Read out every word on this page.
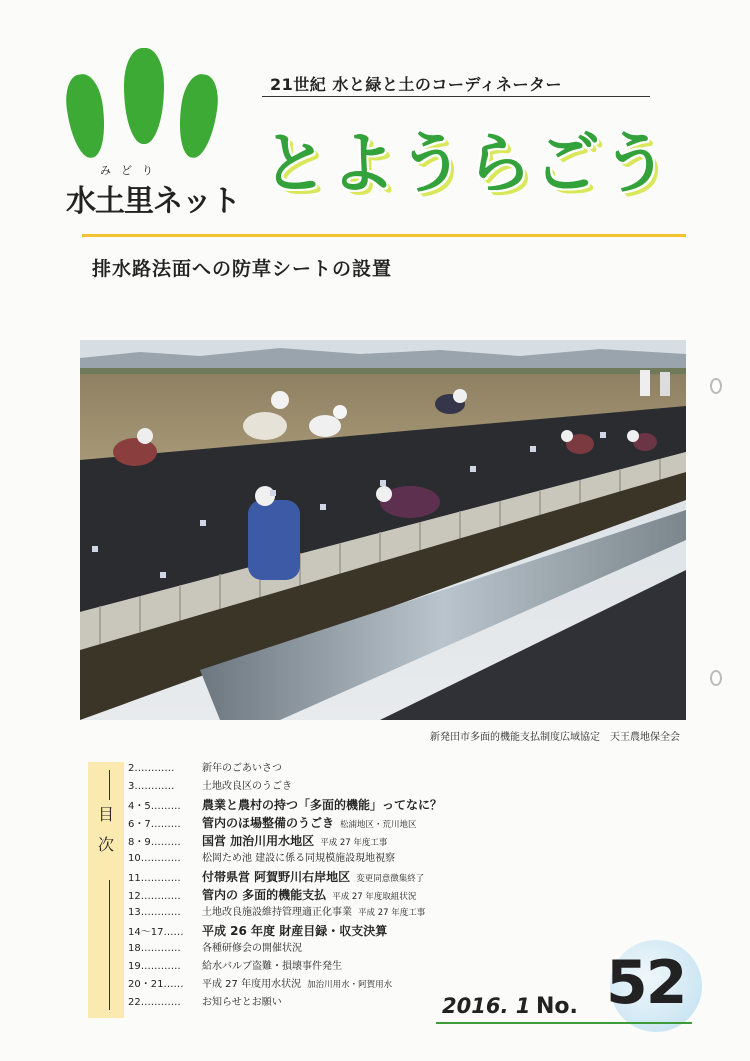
みどり
水土里ネット
21世紀 水と緑と土のコーディネーター
とようらごう
排水路法面への防草シートの設置
新発田市多面的機能支払制度広域協定　天王農地保全会
目次
2…………	新年のごあいさつ
3…………	土地改良区のうごき
4・5……… 農業と農村の持つ「多面的機能」ってなに？
6・7……… 管内のほ場整備のうごき 松浦地区・荒川地区
8・9……… 国営 加治川用水地区 平成 27 年度工事
10………… 松岡ため池 建設に係る同規模施設現地視察
11………… 付帯県営 阿賀野川右岸地区 変更同意徴集終了
12………… 管内の 多面的機能支払 平成 27 年度取組状況
13………… 土地改良施設維持管理適正化事業 平成 27 年度工事
14〜17…… 平成 26 年度 財産目録・収支決算
18………… 各種研修会の開催状況
19………… 給水バルブ盗難・損壊事件発生
20・21…… 平成 27 年度用水状況 加治川用水・阿賀用水
22………… お知らせとお願い	2016. 1 No. 52
